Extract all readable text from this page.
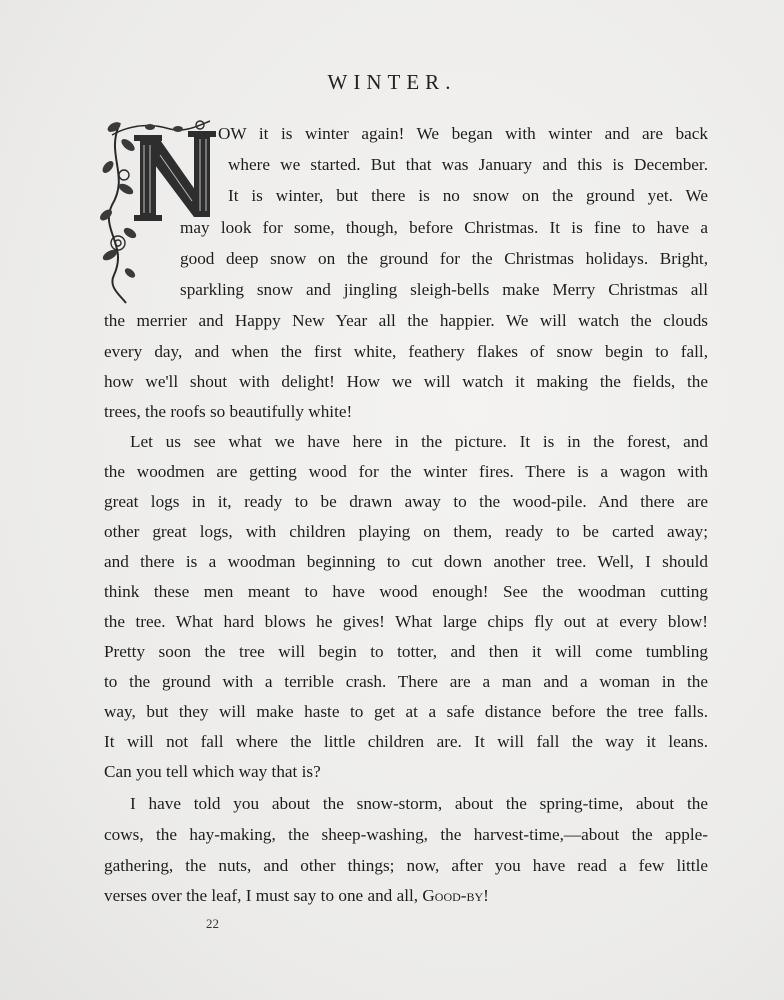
WINTER.
OW it is winter again! We began with winter and are back
where we started. But that was January and this is December.
It is winter, but there is no snow on the ground yet. We
may look for some, though, before Christmas. It is fine to have a
good deep snow on the ground for the Christmas holidays. Bright,
sparkling snow and jingling sleigh-bells make Merry Christmas all
the merrier and Happy New Year all the happier. We will watch the clouds
every day, and when the first white, feathery flakes of snow begin to fall,
how we'll shout with delight! How we will watch it making the fields, the
trees, the roofs so beautifully white!
Let us see what we have here in the picture. It is in the forest, and
the woodmen are getting wood for the winter fires. There is a wagon with
great logs in it, ready to be drawn away to the wood-pile. And there are
other great logs, with children playing on them, ready to be carted away;
and there is a woodman beginning to cut down another tree. Well, I should
think these men meant to have wood enough! See the woodman cutting
the tree. What hard blows he gives! What large chips fly out at every blow!
Pretty soon the tree will begin to totter, and then it will come tumbling
to the ground with a terrible crash. There are a man and a woman in the
way, but they will make haste to get at a safe distance before the tree falls.
It will not fall where the little children are. It will fall the way it leans.
Can you tell which way that is?
I have told you about the snow-storm, about the spring-time, about the
cows, the hay-making, the sheep-washing, the harvest-time,—about the apple-
gathering, the nuts, and other things; now, after you have read a few little
verses over the leaf, I must say to one and all, Good-by!
22
